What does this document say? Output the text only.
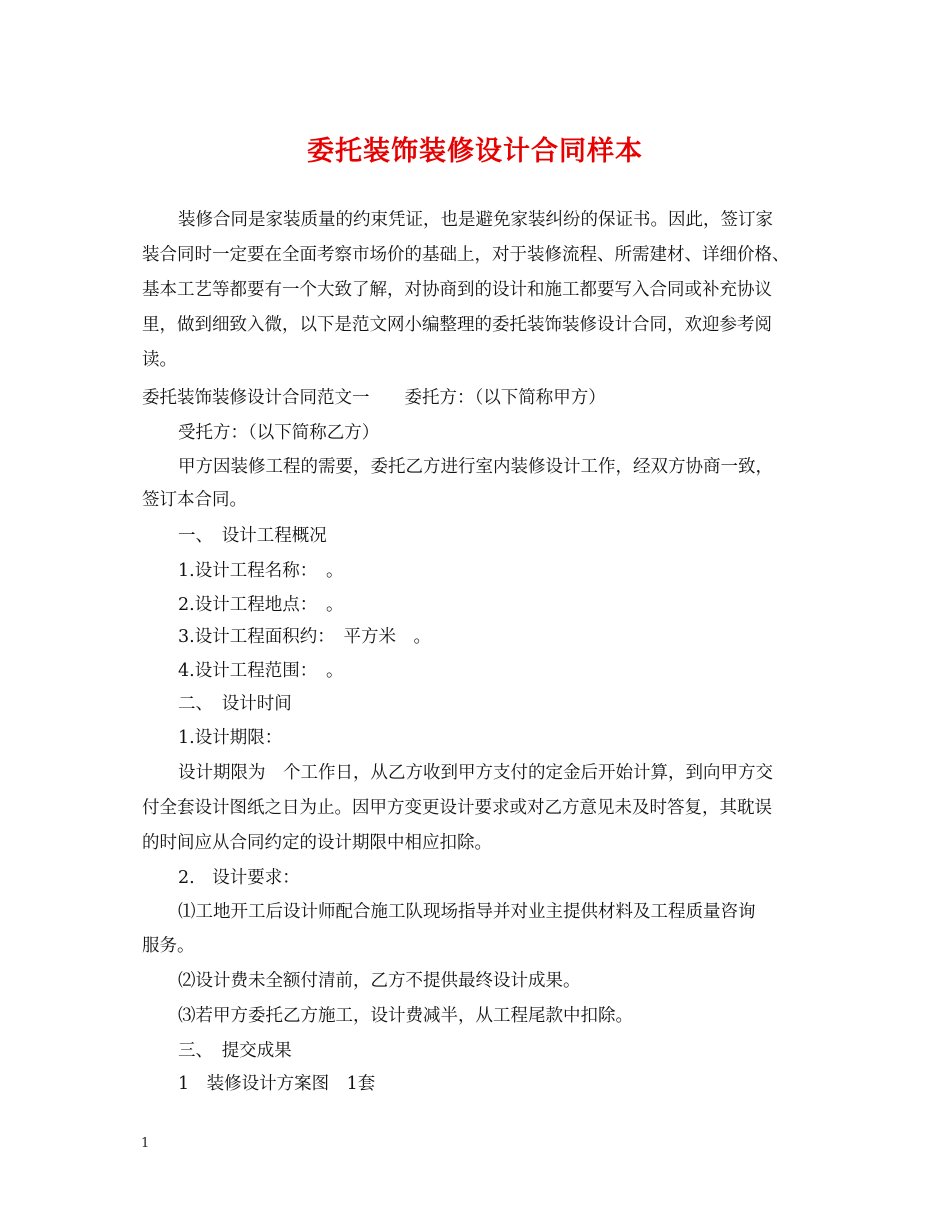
委托装饰装修设计合同样本
装修合同是家装质量的约束凭证，也是避免家装纠纷的保证书。因此，签订家
装合同时一定要在全面考察市场价的基础上，对于装修流程、所需建材、详细价格、
基本工艺等都要有一个大致了解，对协商到的设计和施工都要写入合同或补充协议
里，做到细致入微，以下是范文网小编整理的委托装饰装修设计合同，欢迎参考阅
读。
委托装饰装修设计合同范文一　　委托方：（以下简称甲方）
受托方：（以下简称乙方）
甲方因装修工程的需要，委托乙方进行室内装修设计工作，经双方协商一致，
签订本合同。
一、　设计工程概况
1.设计工程名称：　。
2.设计工程地点：　。
3.设计工程面积约：　平方米　。
4.设计工程范围：　。
二、　设计时间
1.设计期限：
设计期限为　个工作日，从乙方收到甲方支付的定金后开始计算，到向甲方交
付全套设计图纸之日为止。因甲方变更设计要求或对乙方意见未及时答复，其耽误
的时间应从合同约定的设计期限中相应扣除。
2.　设计要求：
⑴工地开工后设计师配合施工队现场指导并对业主提供材料及工程质量咨询
服务。
⑵设计费未全额付清前，乙方不提供最终设计成果。
⑶若甲方委托乙方施工，设计费减半，从工程尾款中扣除。
三、　提交成果
1　装修设计方案图　1套
1
